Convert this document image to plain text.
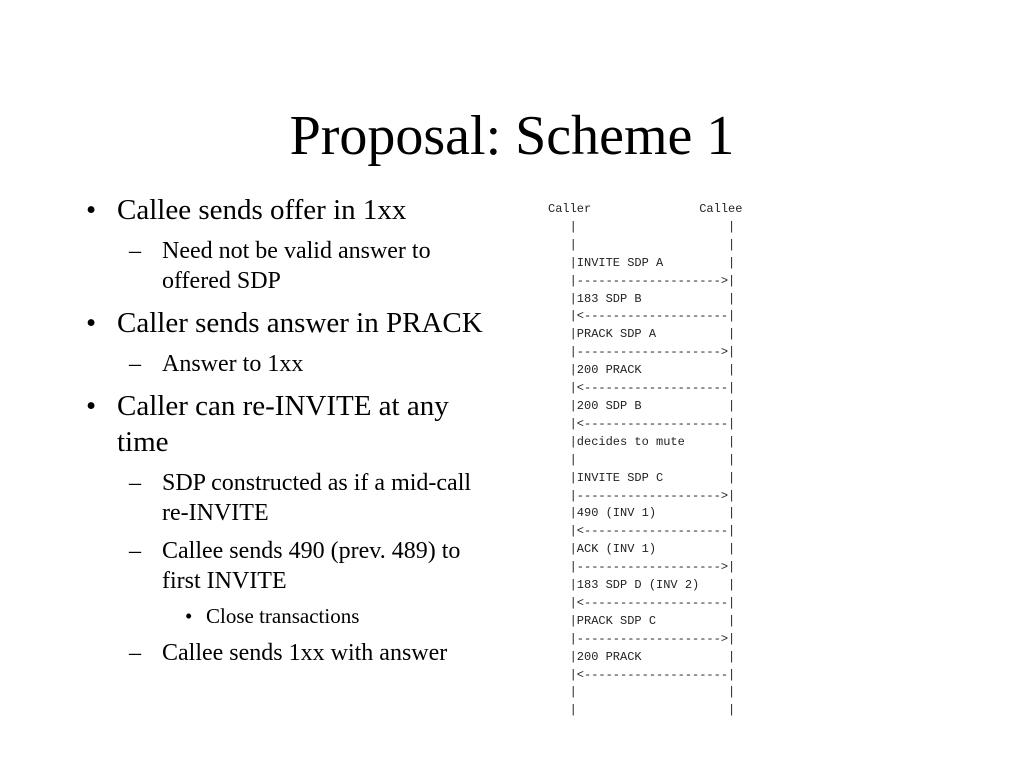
Proposal: Scheme 1
• Callee sends offer in 1xx
– Need not be valid answer to offered SDP
• Caller sends answer in PRACK
– Answer to 1xx
• Caller can re-INVITE at any time
– SDP constructed as if a mid-call re-INVITE
– Callee sends 490 (prev. 489) to first INVITE
• Close transactions
– Callee sends 1xx with answer
Caller               Callee
|                     |
|                     |
|INVITE SDP A         |
|-------------------->|
|183 SDP B            |
|<--------------------|
|PRACK SDP A          |
|-------------------->|
|200 PRACK            |
|<--------------------|
|200 SDP B            |
|<--------------------|
|decides to mute      |
|                     |
|INVITE SDP C         |
|-------------------->|
|490 (INV 1)          |
|<--------------------|
|ACK (INV 1)          |
|-------------------->|
|183 SDP D (INV 2)    |
|<--------------------|
|PRACK SDP C          |
|-------------------->|
|200 PRACK            |
|<--------------------|
|                     |
|                     |
